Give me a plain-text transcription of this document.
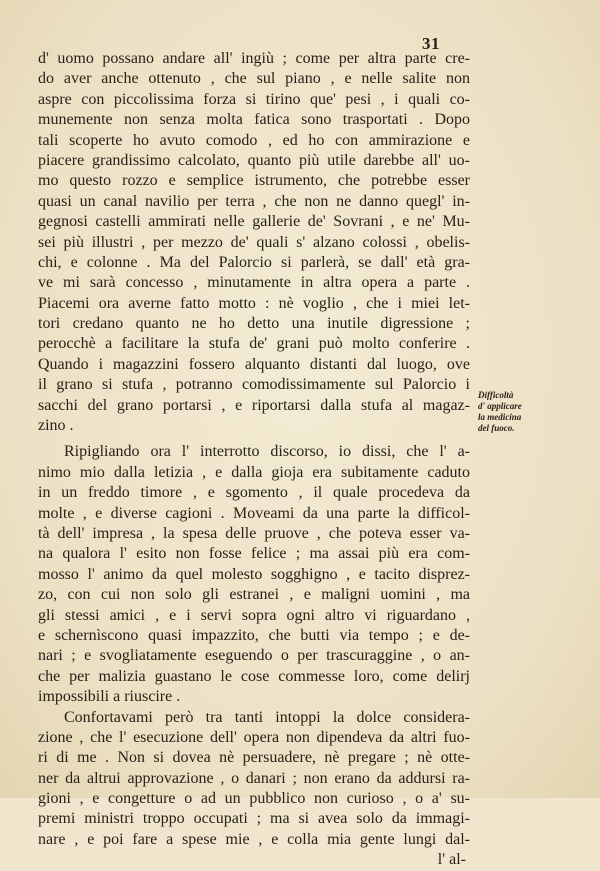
31
d' uomo possano andare all' ingiù ; come per altra parte cre-
do aver anche ottenuto , che sul piano , e nelle salite non
aspre con piccolissima forza si tirino que' pesi , i quali co-
munemente non senza molta fatica sono trasportati . Dopo
tali scoperte ho avuto comodo , ed ho con ammirazione e
piacere grandissimo calcolato, quanto più utile darebbe all' uo-
mo questo rozzo e semplice istrumento, che potrebbe esser
quasi un canal navilio per terra , che non ne danno quegl' in-
gegnosi castelli ammirati nelle gallerie de' Sovrani , e ne' Mu-
sei più illustri , per mezzo de' quali s' alzano colossi , obelis-
chi, e colonne . Ma del Palorcio si parlerà, se dall' età gra-
ve mi sarà concesso , minutamente in altra opera a parte .
Piacemi ora averne fatto motto : nè voglio , che i miei let-
tori credano quanto ne ho detto una inutile digressione ;
perocchè a facilitare la stufa de' grani può molto conferire .
Quando i magazzini fossero alquanto distanti dal luogo, ove
il grano si stufa , potranno comodissimamente sul Palorcio i
sacchi del grano portarsi , e riportarsi dalla stufa al magaz-
zino .
Ripigliando ora l' interrotto discorso, io dissi, che l' a-
nimo mio dalla letizia , e dalla gioja era subitamente caduto
in un freddo timore , e sgomento , il quale procedeva da
molte , e diverse cagioni . Moveami da una parte la difficol-
tà dell' impresa , la spesa delle pruove , che poteva esser va-
na qualora l' esito non fosse felice ; ma assai più era com-
mosso l' animo da quel molesto sogghigno , e tacito disprez-
zo, con cui non solo gli estranei , e maligni uomini , ma
gli stessi amici , e i servi sopra ogni altro vi riguardano ,
e schernìscono quasi impazzito, che butti via tempo ; e de-
nari ; e svogliatamente eseguendo o per trascuraggine , o an-
che per malizia guastano le cose commesse loro, come delirj
impossibili a riuscire .
Confortavami però tra tanti intoppi la dolce considera-
zione , che l' esecuzione dell' opera non dipendeva da altri fuo-
ri di me . Non si dovea nè persuadere, nè pregare ; nè otte-
ner da altrui approvazione , o danari ; non erano da addursi ra-
gioni , e congetture o ad un pubblico non curioso , o a' su-
premi ministri troppo occupati ; ma si avea solo da immagi-
nare , e poi fare a spese mie , e colla mia gente lungi dal-
l' al-
Difficoltà
d' applicare
la medicina
del fuoco.
